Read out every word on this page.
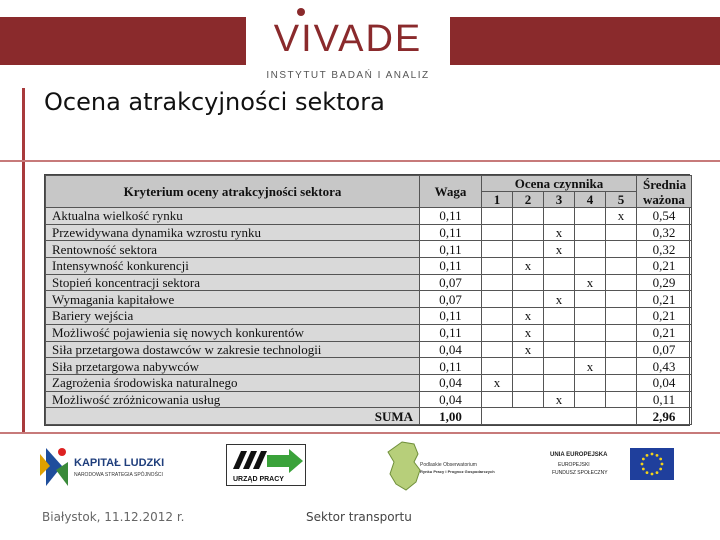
VIVADE
INSTYTUT BADAŃ I ANALIZ
Ocena atrakcyjności sektora
Kryterium oceny atrakcyjności sektora	Waga	Ocena czynnika					Średnia
ważona

		1	2	3	4	5	
Aktualna wielkość rynku	0,11					x	0,54
Przewidywana dynamika wzrostu rynku	0,11			x			0,32
Rentowność sektora	0,11			x			0,32
Intensywność konkurencji	0,11		x				0,21
Stopień koncentracji sektora	0,07				x		0,29
Wymagania kapitałowe	0,07			x			0,21
Bariery wejścia	0,11		x				0,21
Możliwość pojawienia się nowych konkurentów	0,11		x				0,21
Siła przetargowa dostawców w zakresie technologii	0,04		x				0,07
Siła przetargowa nabywców	0,11				x		0,43
Zagrożenia środowiska naturalnego	0,04	x					0,04
Możliwość zróżnicowania usług	0,04			x			0,11
SUMA	1,00						2,96
KAPITAŁ LUDZKI
NARODOWA STRATEGIA SPÓJNOŚCI
URZĄD PRACY
Podlaskie Obserwatorium
Rynku Pracy i Prognoz Gospodarczych
UNIA EUROPEJSKA
EUROPEJSKI
FUNDUSZ SPOŁECZNY
Białystok, 11.12.2012 r.	Sektor transportu
